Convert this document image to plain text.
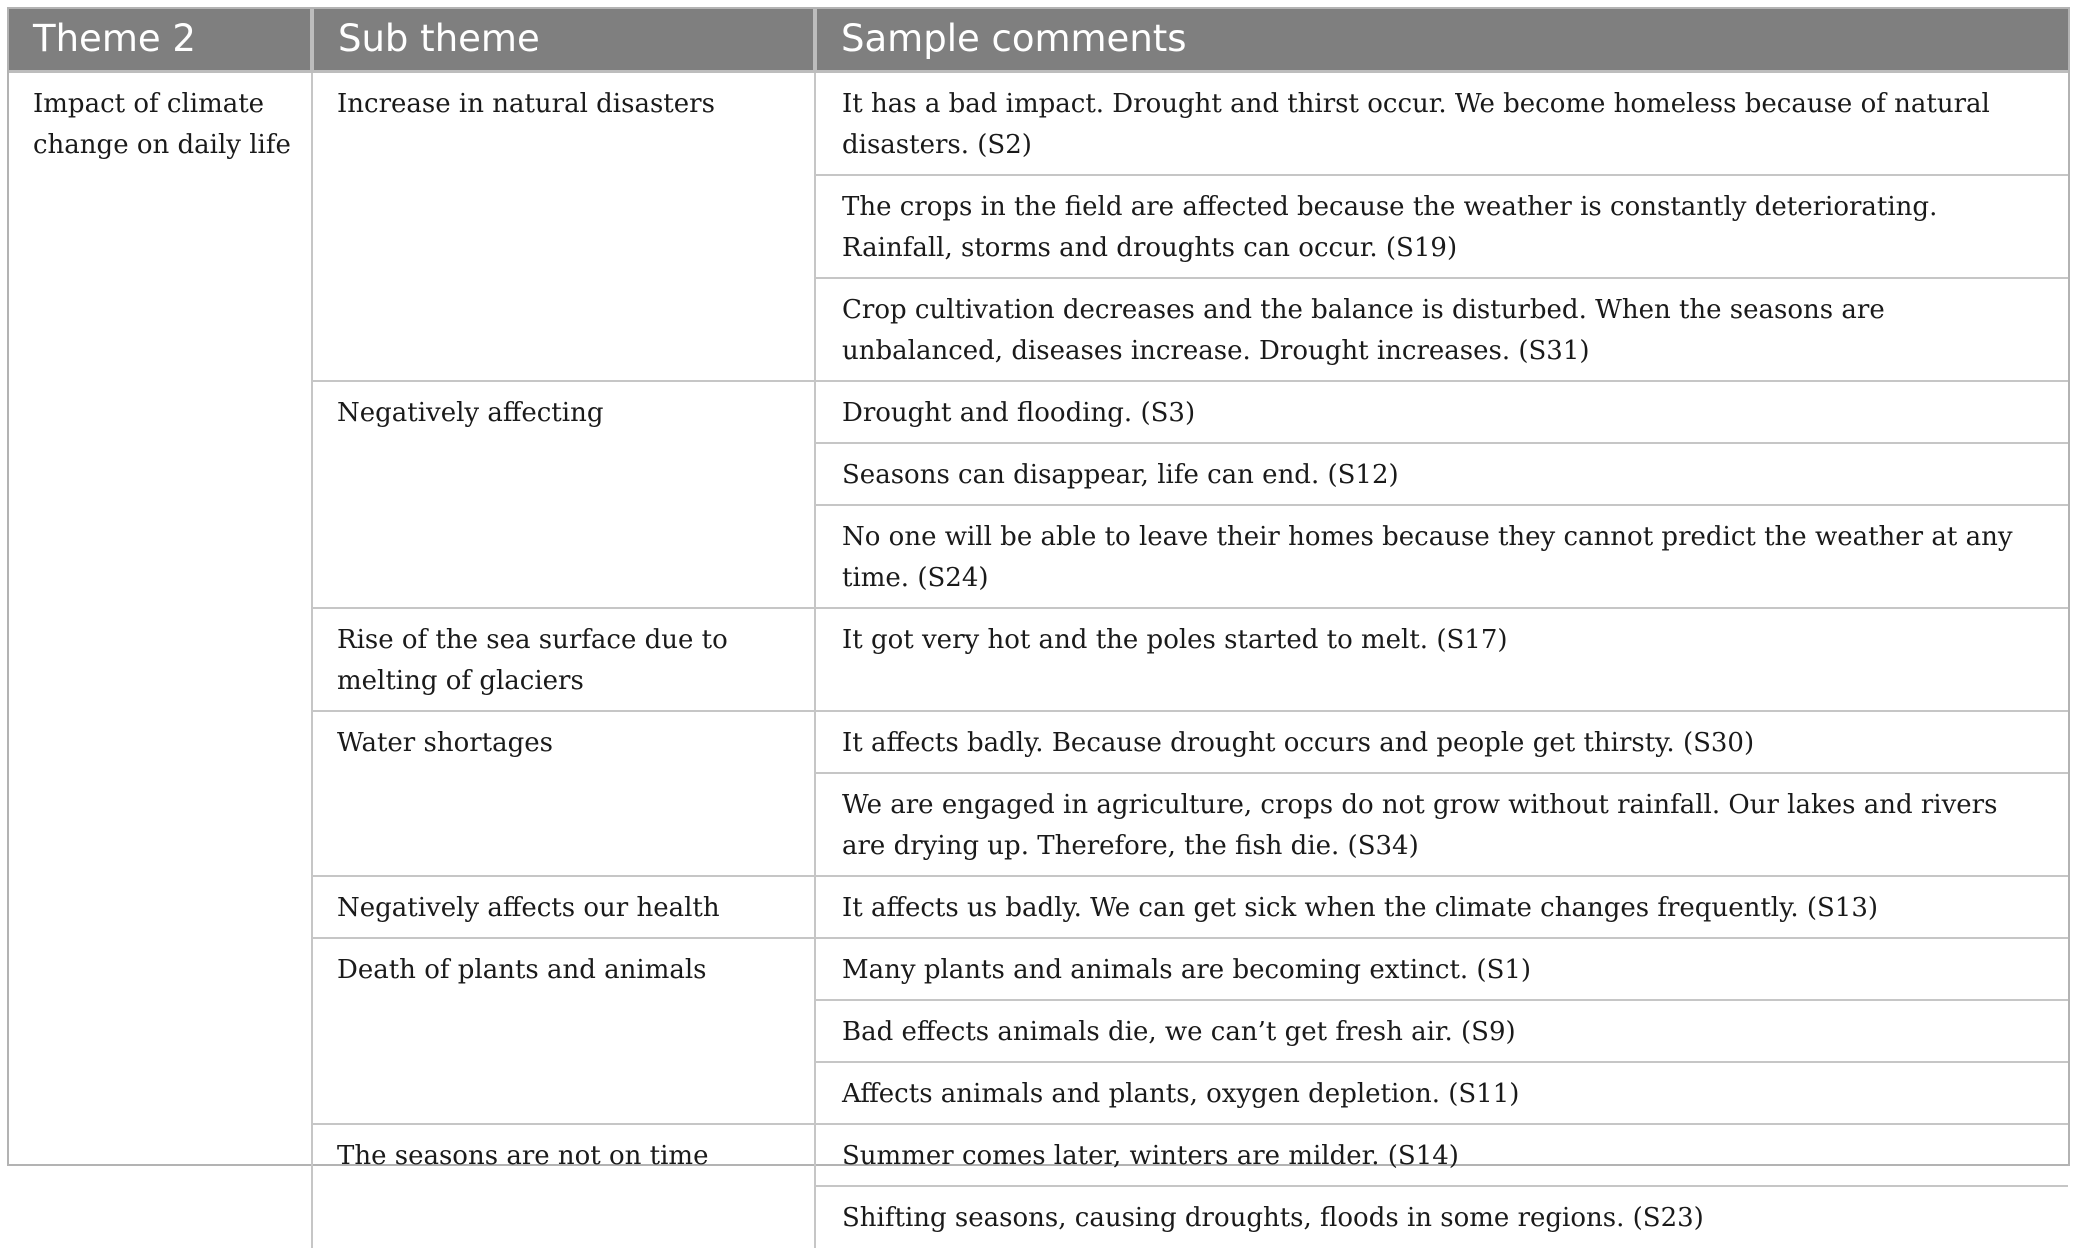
Theme 2	Sub theme	Sample comments
Impact of climate change on daily life	Increase in natural disasters	It has a bad impact. Drought and thirst occur. We become homeless because of natural disasters. (S2)
		The crops in the field are affected because the weather is constantly deteriorating. Rainfall, storms and droughts can occur. (S19)
		Crop cultivation decreases and the balance is disturbed. When the seasons are unbalanced, diseases increase. Drought increases. (S31)
	Negatively affecting	Drought and flooding. (S3)
		Seasons can disappear, life can end. (S12)
		No one will be able to leave their homes because they cannot predict the weather at any time. (S24)
	Rise of the sea surface due to melting of glaciers	It got very hot and the poles started to melt. (S17)
	Water shortages	It affects badly. Because drought occurs and people get thirsty. (S30)
		We are engaged in agriculture, crops do not grow without rainfall. Our lakes and rivers are drying up. Therefore, the fish die. (S34)
	Negatively affects our health	It affects us badly. We can get sick when the climate changes frequently. (S13)
	Death of plants and animals	Many plants and animals are becoming extinct. (S1)
		Bad effects animals die, we can’t get fresh air. (S9)
		Affects animals and plants, oxygen depletion. (S11)
	The seasons are not on time	Summer comes later, winters are milder. (S14)
		Shifting seasons, causing droughts, floods in some regions. (S23)
